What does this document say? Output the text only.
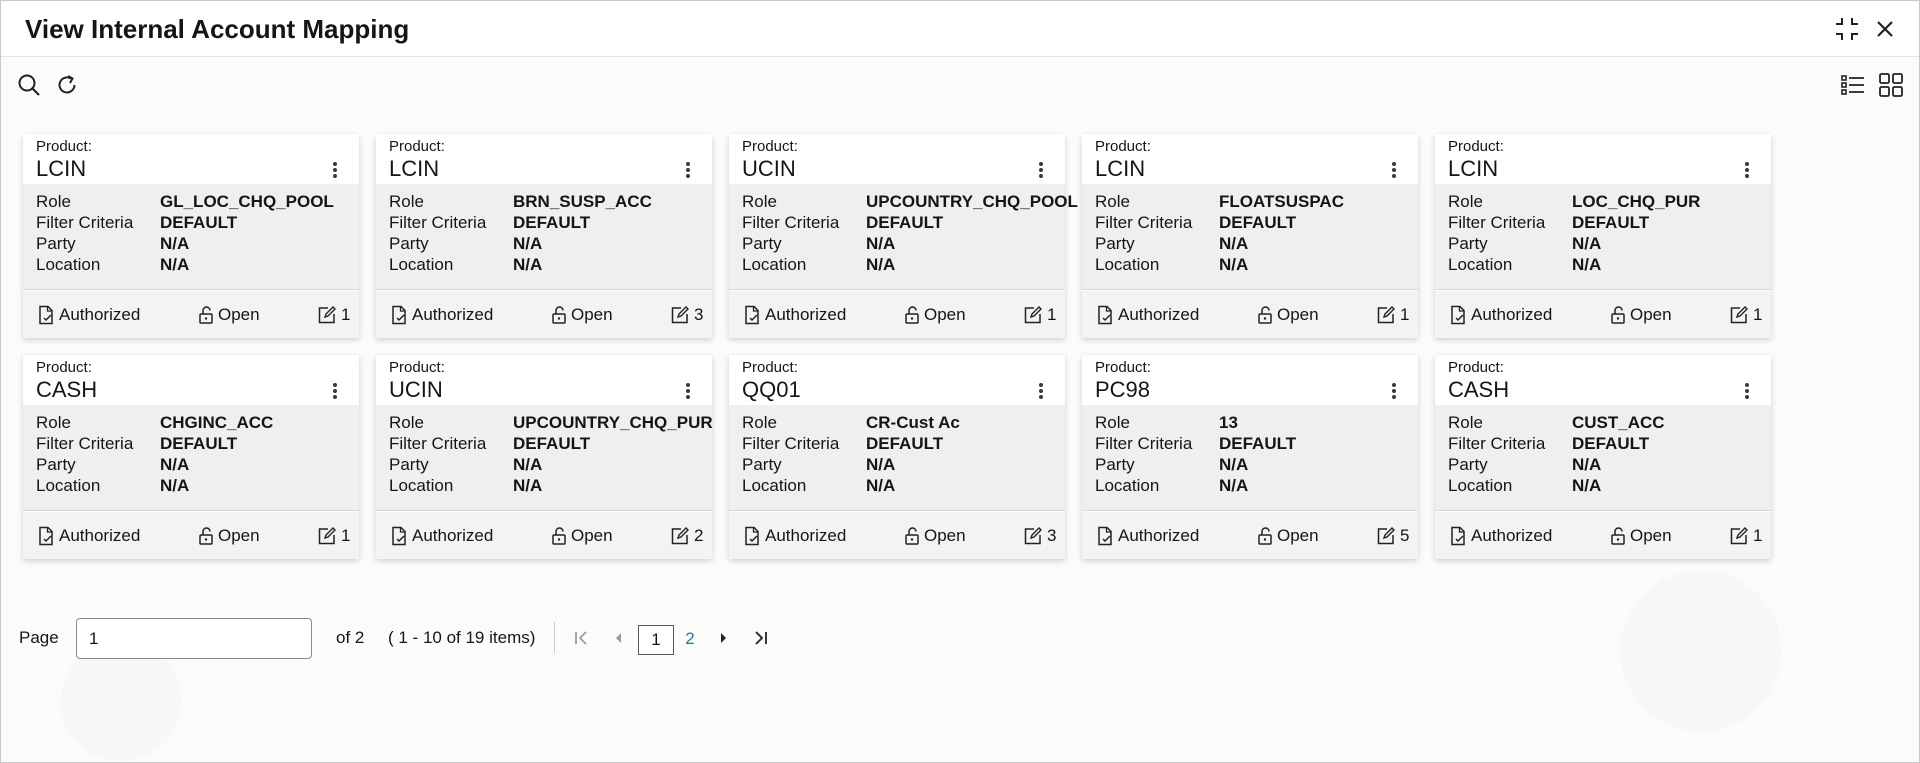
View Internal Account Mapping
Product:
LCIN
Role	GL_LOC_CHQ_POOL
Filter Criteria DEFAULT
Party	N/A
Location	N/A
Authorized	Open	1
Product:
LCIN
Role	BRN_SUSP_ACC
Filter Criteria DEFAULT
Party	N/A
Location	N/A
Authorized	Open	3
Product:
UCIN
Role	UPCOUNTRY_CHQ_POOL
Filter Criteria DEFAULT
Party	N/A
Location	N/A
Authorized	Open	1
Product:
LCIN
Role	FLOATSUSPAC
Filter Criteria DEFAULT
Party	N/A
Location	N/A
Authorized	Open	1
Product:
LCIN
Role	LOC_CHQ_PUR
Filter Criteria DEFAULT
Party	N/A
Location	N/A
Authorized	Open	1
Product:
CASH
Role	CHGINC_ACC
Filter Criteria DEFAULT
Party	N/A
Location	N/A
Authorized	Open	1
Product:
UCIN
Role	UPCOUNTRY_CHQ_PUR
Filter Criteria DEFAULT
Party	N/A
Location	N/A
Authorized	Open	2
Product:
QQ01
Role	CR-Cust Ac
Filter Criteria DEFAULT
Party	N/A
Location	N/A
Authorized	Open	3
Product:
PC98
Role	13
Filter Criteria DEFAULT
Party	N/A
Location	N/A
Authorized	Open	5
Product:
CASH
Role	CUST_ACC
Filter Criteria DEFAULT
Party	N/A
Location	N/A
Authorized	Open	1
Page
1	of 2 ( 1 - 10 of 19 items)	1	2
